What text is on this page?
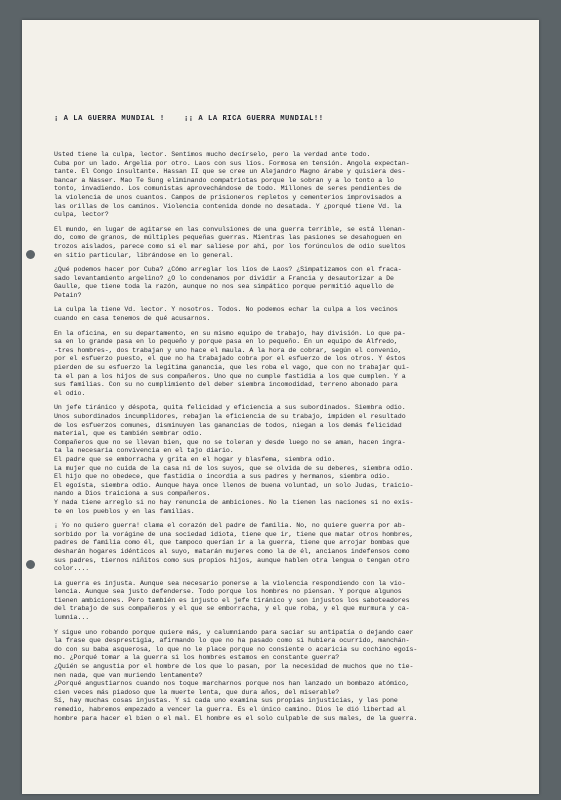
¡ A LA GUERRA MUNDIAL !    ¡¡ A LA RICA GUERRA MUNDIAL!!

Usted tiene la culpa, lector. Sentimos mucho decírselo, pero la verdad ante todo.
Cuba por un lado. Argelia por otro. Laos con sus líos. Formosa en tensión. Angola expectan-
tante. El Congo insultante. Hassan II que se cree un Alejandro Magno árabe y quisiera des-
bancar a Nasser. Mao Te Sung eliminando compatriotas porque le sobran y a lo tonto a lo
tonto, invadiendo. Los comunistas aprovechándose de todo. Millones de seres pendientes de
la violencia de unos cuantos. Campos de prisioneros repletos y cementerios improvisados a
las orillas de los caminos. Violencia contenida donde no desatada. Y ¿porqué tiene Vd. la
culpa, lector?
El mundo, en lugar de agitarse en las convulsiones de una guerra terrible, se está llenan-
do, como de granos, de múltiples pequeñas guerras. Mientras las pasiones se desahoguen en
trozos aislados, parece como si el mar saliese por ahí, por los forúnculos de odio sueltos
en sitio particular, librándose en lo general.
¿Qué podemos hacer por Cuba? ¿Cómo arreglar los líos de Laos? ¿Simpatizamos con el fraca-
sado levantamiento argelino? ¿O lo condenamos por dividir a Francia y desautorizar a De
Gaulle, que tiene toda la razón, aunque no nos sea simpático porque permitió aquello de
Petain?
La culpa la tiene Vd. lector. Y nosotros. Todos. No podemos echar la culpa a los vecinos
cuando en casa tenemos de qué acusarnos.
En la oficina, en su departamento, en su mismo equipo de trabajo, hay división. Lo que pa-
sa en lo grande pasa en lo pequeño y porque pasa en lo pequeño. En un equipo de Alfredo,
-tres hombres-, dos trabajan y uno hace el maula. A la hora de cobrar, según el convenio,
por el esfuerzo puesto, el que no ha trabajado cobra por el esfuerzo de los otros. Y éstos
pierden de su esfuerzo la legítima ganancia, que les roba el vago, que con no trabajar qui-
ta el pan a los hijos de sus compañeros. Uno que no cumple fastidia a los que cumplen. Y a
sus familias. Con su no cumplimiento del deber siembra incomodidad, terreno abonado para
el odio.
Un jefe tiránico y déspota, quita felicidad y eficiencia a sus subordinados. Siembra odio.
Unos subordinados incumplidores, rebajan la eficiencia de su trabajo, impiden el resultado
de los esfuerzos comunes, disminuyen las ganancias de todos, niegan a los demás felicidad
material, que es también sembrar odio.
Compañeros que no se llevan bien, que no se toleran y desde luego no se aman, hacen ingra-
ta la necesaria convivencia en el tajo diario.
El padre que se emborracha y grita en el hogar y blasfema, siembra odio.
La mujer que no cuida de la casa ni de los suyos, que se olvida de su deberes, siembra odio.
El hijo que no obedece, que fastidia o incordia a sus padres y hermanos, siembra odio.
El egoísta, siembra odio. Aunque haya once llenos de buena voluntad, un solo Judas, traicio-
nando a Dios traiciona a sus compañeros.
Y nada tiene arreglo si no hay renuncia de ambiciones. No la tienen las naciones si no exis-
te en los pueblos y en las familias.
¡ Yo no quiero guerra! clama el corazón del padre de familia. No, no quiere guerra por ab-
sorbido por la vorágine de una sociedad idiota, tiene que ir, tiene que matar otros hombres,
padres de familia como él, que tampoco querían ir a la guerra, tiene que arrojar bombas que
desharán hogares idénticos al suyo, matarán mujeres como la de él, ancianos indefensos como
sus padres, tiernos niñitos como sus propios hijos, aunque hablen otra lengua o tengan otro
color....
La guerra es injusta. Aunque sea necesario ponerse a la violencia respondiendo con la vio-
lencia. Aunque sea justo defenderse. Todo porque los hombres no piensan. Y porque algunos
tienen ambiciones. Pero también es injusto el jefe tiránico y son injustos los saboteadores
del trabajo de sus compañeros y el que se emborracha, y el que roba, y el que murmura y ca-
lumnia...
Y sigue uno robando porque quiere más, y calumniando para saciar su antipatía o dejando caer
la frase que desprestigia, afirmando lo que no ha pasado como si hubiera ocurrido, manchán-
do con su baba asquerosa, lo que no le place porque no consiente o acaricia su cochino egoís-
mo. ¿Porqué tomar a la guerra si los hombres estamos en constante guerra?
¿Quién se angustia por el hombre de los que lo pasan, por la necesidad de muchos que no tie-
nen nada, que van muriendo lentamente?
¿Porqué angustiarnos cuando nos toque marcharnos porque nos han lanzado un bombazo atómico,
cien veces más piadoso que la muerte lenta, que dura años, del miserable?
Sí, hay muchas cosas injustas. Y si cada uno examina sus propias injusticias, y las pone
remedio, habremos empezado a vencer la guerra. Es el único camino. Dios le dió libertad al
hombre para hacer el bien o el mal. El hombre es el solo culpable de sus males, de la guerra.
